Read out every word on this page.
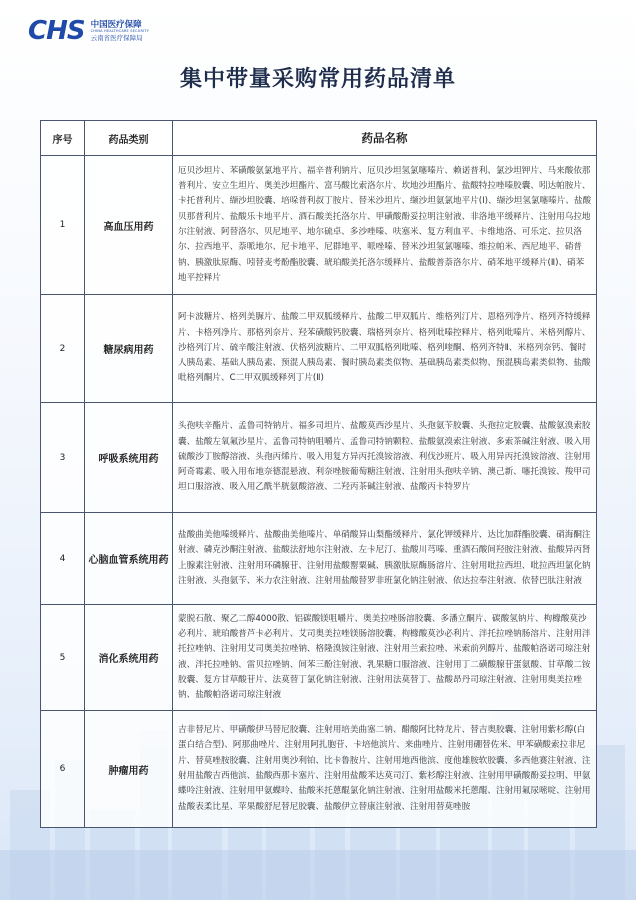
CHS 中国医疗保障
CHINA HEALTHCARE SECURITY
云南省医疗保障局
集中带量采购常用药品清单
序号	药品类别	药品名称
1	高血压用药	厄贝沙坦片、苯磺酸氨氯地平片、福辛普利钠片、厄贝沙坦氢氯噻嗪片、赖诺普利、氯沙坦钾片、马来酸依那普利片、安立生坦片、奥美沙坦酯片、富马酸比索洛尔片、坎地沙坦酯片、盐酸特拉唑嗪胶囊、吲达帕胺片、卡托普利片、缬沙坦胶囊、培哚普利叔丁胺片、替米沙坦片、缬沙坦氨氯地平片(Ⅰ)、缬沙坦氢氯噻嗪片、盐酸贝那普利片、盐酸乐卡地平片、酒石酸美托洛尔片、甲磺酸酚妥拉明注射液、非洛地平缓释片、注射用乌拉地尔注射液、阿替洛尔、贝尼地平、地尔硫卓、多沙唑嗪、呋塞米、复方利血平、卡维地洛、可乐定、拉贝洛尔、拉西地平、萘哌地尔、尼卡地平、尼群地平、哌唑嗪、替米沙坦氢氯噻嗪、维拉帕米、西尼地平、硝普钠、胰激肽原酶、吲替麦考酚酯胶囊、琥珀酸美托洛尔缓释片、盐酸普萘洛尔片、硝苯地平缓释片(Ⅱ)、硝苯地平控释片
2	糖尿病用药	阿卡波糖片、格列美脲片、盐酸二甲双胍缓释片、盐酸二甲双胍片、维格列汀片、恩格列净片、格列齐特缓释片、卡格列净片、那格列奈片、羟苯磺酸钙胶囊、瑞格列奈片、格列吡嗪控释片、格列吡嗪片、米格列醇片、沙格列汀片、硫辛酸注射液、伏格列波糖片、二甲双胍格列吡嗪、格列喹酮、格列齐特Ⅱ、米格列奈钙、餐时人胰岛素、基础人胰岛素、预混人胰岛素、餐时胰岛素类似物、基础胰岛素类似物、预混胰岛素类似物、盐酸吡格列酮片、C二甲双胍缓释列丁片(Ⅱ)
3	呼吸系统用药	头孢呋辛酯片、孟鲁司特钠片、福多司坦片、盐酸莫西沙星片、头孢氨苄胶囊、头孢拉定胶囊、盐酸氨溴索胶囊、盐酸左氧氟沙星片、孟鲁司特钠咀嚼片、孟鲁司特钠颗粒、盐酸氨溴索注射液、多索茶碱注射液、吸入用硫酸沙丁胺醇溶液、头孢丙烯片、吸入用复方异丙托溴铵溶液、利伐沙班片、吸入用异丙托溴铵溶液、注射用阿奇霉素、吸入用布地奈德混悬液、利奈唑胺葡萄糖注射液、注射用头孢呋辛钠、澳己新、噻托溴铵、羧甲司坦口服溶液、吸入用乙酰半胱氨酸溶液、二羟丙茶碱注射液、盐酸丙卡特罗片
4	心脑血管系统用药	盐酸曲美他嗪缓释片、盐酸曲美他嗪片、单硝酸异山梨酯缓释片、氯化钾缓释片、达比加群酯胶囊、硝海酮注射液、磷克沙酮注射液、盐酸法舒地尔注射液、左卡尼汀、盐酸川芎嗪、重酒石酸间羟胺注射液、盐酸异丙肾上腺素注射液、注射用环磷腺苷、注射用盐酸罂粟碱、胰激肽原酶肠溶片、注射用吡拉西坦、吡拉西坦氯化钠注射液、头孢氨苄、米力农注射液、注射用盐酸替罗非班氯化钠注射液、依达拉奉注射液、依替巴肽注射液
5	消化系统用药	蒙脱石散、聚乙二醇4000散、铝碳酸镁咀嚼片、奥美拉唑肠溶胶囊、多潘立酮片、碳酸氢钠片、枸橼酸莫沙必利片、琥珀酸普芦卡必利片、艾司奥美拉唑镁肠溶胶囊、枸橼酸莫沙必利片、泮托拉唑钠肠溶片、注射用泮托拉唑钠、注射用艾司奥美拉唑钠、格隆溴铵注射液、注射用兰索拉唑、米索前列醇片、盐酸帕洛诺司琼注射液、泮托拉唑钠、雷贝拉唑钠、间苯三酚注射液、乳果糖口服溶液、注射用丁二磺酸腺苷蛋氨酸、甘草酸二铵胶囊、复方甘草酸苷片、法莫替丁氯化钠注射液、注射用法莫替丁、盐酸昂丹司琼注射液、注射用奥美拉唑钠、盐酸帕洛诺司琼注射液
6	肿瘤用药	吉非替尼片、甲磺酸伊马替尼胶囊、注射用培美曲塞二钠、醋酸阿比特龙片、替吉奥胶囊、注射用紫杉醇(白蛋白结合型)、阿那曲唑片、注射用阿扎胞苷、卡培他滨片、来曲唑片、注射用硼替佐米、甲苯磺酸索拉非尼片、替莫唑胺胶囊、注射用奥沙利铂、比卡鲁胺片、注射用地西他滨、度他雄胺软胶囊、多西他赛注射液、注射用盐酸吉西他滨、盐酸西那卡塞片、注射用盐酸苯达莫司汀、紫杉醇注射液、注射用甲磺酸酚妥拉明、甲氨蝶呤注射液、注射用甲氨蝶呤、盐酸米托蒽醌氯化钠注射液、注射用盐酸米托蒽醌、注射用氟尿嘧啶、注射用盐酸表柔比星、苹果酸舒尼替尼胶囊、盐酸伊立替康注射液、注射用替莫唑胺
